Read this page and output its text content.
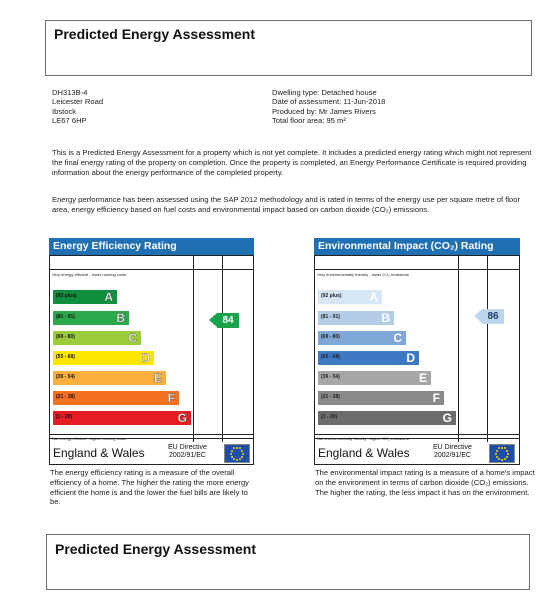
Predicted Energy Assessment
DH313B-4
Leicester Road
Ibstock
LE67 6HP
Dwelling type: Detached house
Date of assessment: 11-Jun-2018
Produced by: Mr James Rivers
Total floor area: 95 m²
This is a Predicted Energy Assessment for a property which is not yet complete. It includes a predicted energy rating which might not represent the final energy rating of the property on completion. Once the property is completed, an Energy Performance Certificate is required providing information about the energy performance of the completed property.
Energy performance has been assessed using the SAP 2012 methodology and is rated in terms of the energy use per square metre of floor area, energy efficiency based on fuel costs and environmental impact based on carbon dioxide (CO₂) emissions.
Energy Efficiency Rating
Very energy efficient - lower running costs
Not energy efficient - higher running costs
(92 plus) A
(81 - 91)	B
(69 - 80)	C
(55 - 68)	D
(39 - 54)	E
(21 - 38)	F
(1 - 20)	G
84
England & Wales	EU Directive
2002/91/EC
Environmental Impact (CO₂) Rating
Very environmentally friendly - lower CO₂ emissions
Not environmentally friendly - higher CO₂ emissions
(92 plus) A
(81 - 91)	B
(69 - 80)	C
(55 - 68)	D
(39 - 54)	E
(21 - 38)	F
(1 - 20)	G
86
England & Wales	EU Directive
2002/91/EC
The energy efficiency rating is a measure of the overall efficiency of a home. The higher the rating the more energy efficient the home is and the lower the fuel bills are likely to be.
The environmental impact rating is a measure of a home's impact on the environment in terms of carbon dioxide (CO₂) emissions. The higher the rating, the less impact it has on the environment.
Predicted Energy Assessment
